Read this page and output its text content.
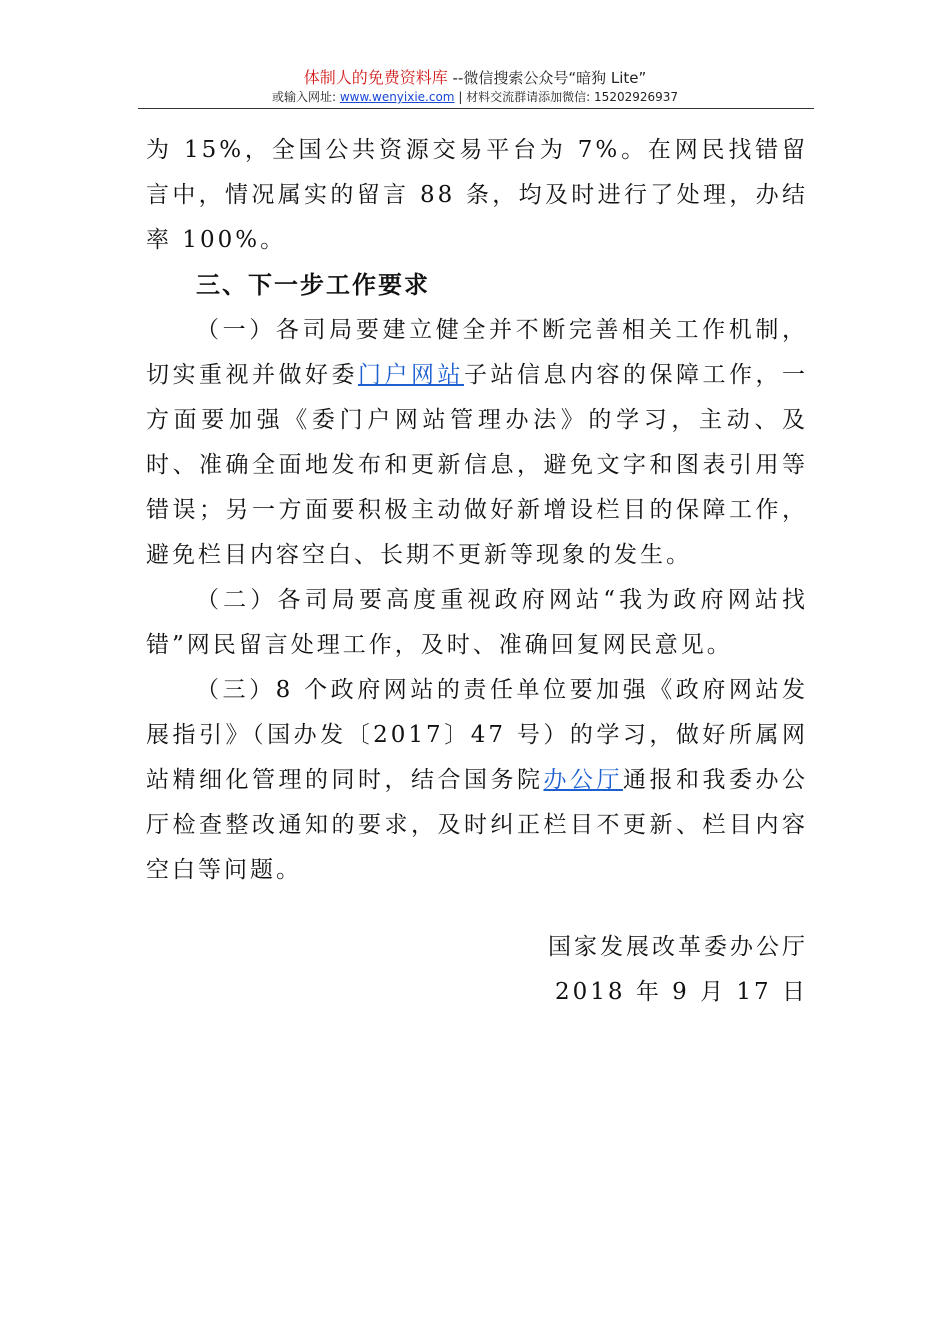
体制人的免费资料库 --微信搜索公众号“暗狗 Lite”
或输入网址: www.wenyixie.com | 材料交流群请添加微信: 15202926937

为 15%，全国公共资源交易平台为 7%。在网民找错留言中，情况属实的留言 88 条，均及时进行了处理，办结率 100%。

三、下一步工作要求

（一）各司局要建立健全并不断完善相关工作机制，切实重视并做好委门户网站子站信息内容的保障工作，一方面要加强《委门户网站管理办法》的学习，主动、及时、准确全面地发布和更新信息，避免文字和图表引用等错误；另一方面要积极主动做好新增设栏目的保障工作，避免栏目内容空白、长期不更新等现象的发生。

（二）各司局要高度重视政府网站“我为政府网站找错”网民留言处理工作，及时、准确回复网民意见。

（三）8 个政府网站的责任单位要加强《政府网站发展指引》（国办发〔2017〕47 号）的学习，做好所属网站精细化管理的同时，结合国务院办公厅通报和我委办公厅检查整改通知的要求，及时纠正栏目不更新、栏目内容空白等问题。

国家发展改革委办公厅
2018 年 9 月 17 日
